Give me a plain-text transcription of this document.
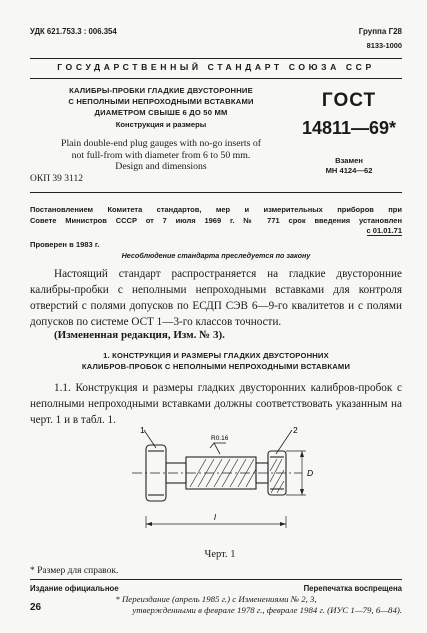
УДК 621.753.3 : 006.354	Группа Г28
8133-1000
ГОСУДАРСТВЕННЫЙ СТАНДАРТ СОЮЗА ССР
КАЛИБРЫ-ПРОБКИ ГЛАДКИЕ ДВУСТОРОННИЕ
С НЕПОЛНЫМИ НЕПРОХОДНЫМИ ВСТАВКАМИ
ДИАМЕТРОМ СВЫШЕ 6 ДО 50 ММ
Конструкция и размеры
Plain double-end plug gauges with no-go inserts of
not full-from with diameter from 6 to 50 mm.
Design and dimensions
ОКП 39 3112
ГОСТ
14811—69*
Взамен
МН 4124—62
Постановлением Комитета стандартов, мер и измерительных приборов при
Совете Министров СССР от 7 июля 1969 г. № 771 срок введения установлен
с 01.01.71
Проверен в 1983 г.
Несоблюдение стандарта преследуется по закону

Настоящий стандарт распространяется на гладкие двусторонние калибры-пробки с неполными непроходными вставками для контроля отверстий с полями допусков по ЕСДП СЭВ 6—9-го квалитетов и с полями допусков по системе ОСТ 1—3-го классов точности.

(Измененная редакция, Изм. № 3).
1. КОНСТРУКЦИЯ И РАЗМЕРЫ ГЛАДКИХ ДВУСТОРОННИХ
КАЛИБРОВ-ПРОБОК С НЕПОЛНЫМИ НЕПРОХОДНЫМИ ВСТАВКАМИ

1.1. Конструкция и размеры гладких двусторонних калибров-пробок с неполными непроходными вставками должны соответствовать указанным на черт. 1 и в табл. 1.

1	2
R0.16
l
D
Черт. 1
* Размер для справок.
Издание официальное	Перепечатка воспрещена
* Переиздание (апрель 1985 г.) с Изменениями № 2, 3,
утвержденными в феврале 1978 г., феврале 1984 г. (ИУС 1—79, 6—84).
26
